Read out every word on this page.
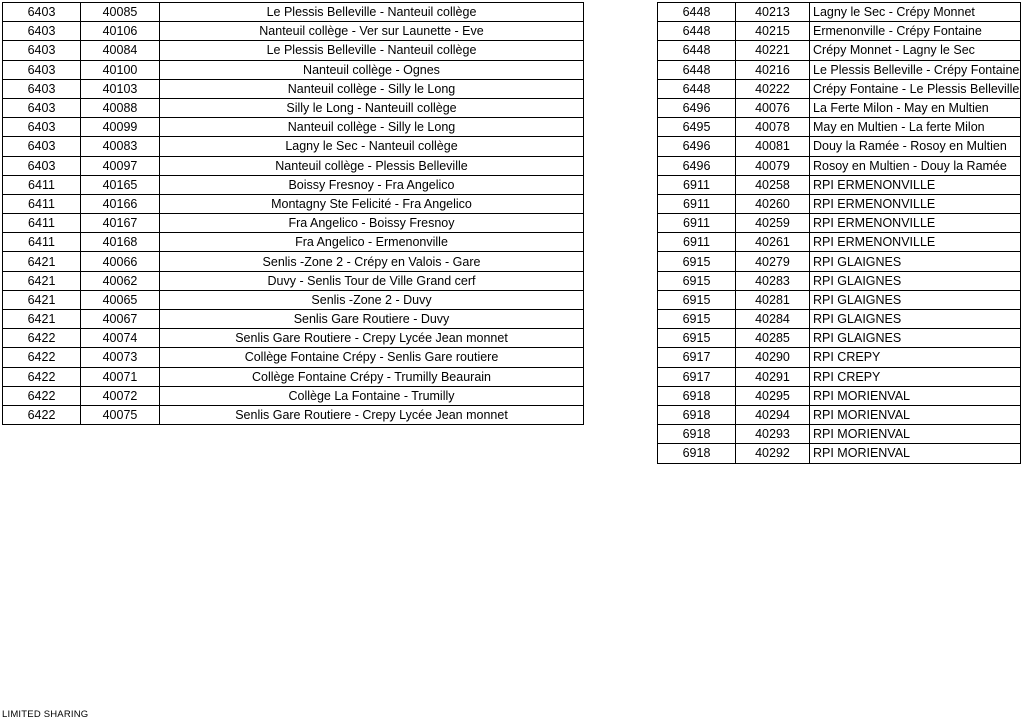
6403	40085	Le Plessis Belleville - Nanteuil collège
6403	40106	Nanteuil collège - Ver sur Launette - Eve
6403	40084	Le Plessis Belleville - Nanteuil collège
6403	40100	Nanteuil collège - Ognes
6403	40103	Nanteuil collège - Silly le Long
6403	40088	Silly le Long - Nanteuill collège
6403	40099	Nanteuil collège - Silly le Long
6403	40083	Lagny le Sec - Nanteuil collège
6403	40097	Nanteuil collège - Plessis Belleville
6411	40165	Boissy Fresnoy - Fra Angelico
6411	40166	Montagny Ste Felicité - Fra Angelico
6411	40167	Fra Angelico - Boissy Fresnoy
6411	40168	Fra Angelico - Ermenonville
6421	40066	Senlis -Zone 2 - Crépy en Valois - Gare
6421	40062	Duvy - Senlis Tour de Ville Grand cerf
6421	40065	Senlis -Zone 2 - Duvy
6421	40067	Senlis Gare Routiere - Duvy
6422	40074	Senlis Gare Routiere - Crepy Lycée Jean monnet
6422	40073	Collège Fontaine Crépy - Senlis Gare routiere
6422	40071	Collège Fontaine Crépy - Trumilly Beaurain
6422	40072	Collège La Fontaine - Trumilly
6422	40075	Senlis Gare Routiere - Crepy Lycée Jean monnet
6448	40213	Lagny le Sec - Crépy Monnet
6448	40215	Ermenonville - Crépy Fontaine
6448	40221	Crépy Monnet - Lagny le Sec
6448	40216	Le Plessis Belleville - Crépy Fontaine
6448	40222	Crépy Fontaine - Le Plessis Belleville
6496	40076	La Ferte Milon - May en Multien
6495	40078	May en Multien - La ferte Milon
6496	40081	Douy la Ramée - Rosoy en Multien
6496	40079	Rosoy en Multien - Douy la Ramée
6911	40258	RPI ERMENONVILLE
6911	40260	RPI ERMENONVILLE
6911	40259	RPI ERMENONVILLE
6911	40261	RPI ERMENONVILLE
6915	40279	RPI GLAIGNES
6915	40283	RPI GLAIGNES
6915	40281	RPI GLAIGNES
6915	40284	RPI GLAIGNES
6915	40285	RPI GLAIGNES
6917	40290	RPI CREPY
6917	40291	RPI CREPY
6918	40295	RPI MORIENVAL
6918	40294	RPI MORIENVAL
6918	40293	RPI MORIENVAL
6918	40292	RPI MORIENVAL
LIMITED SHARING
